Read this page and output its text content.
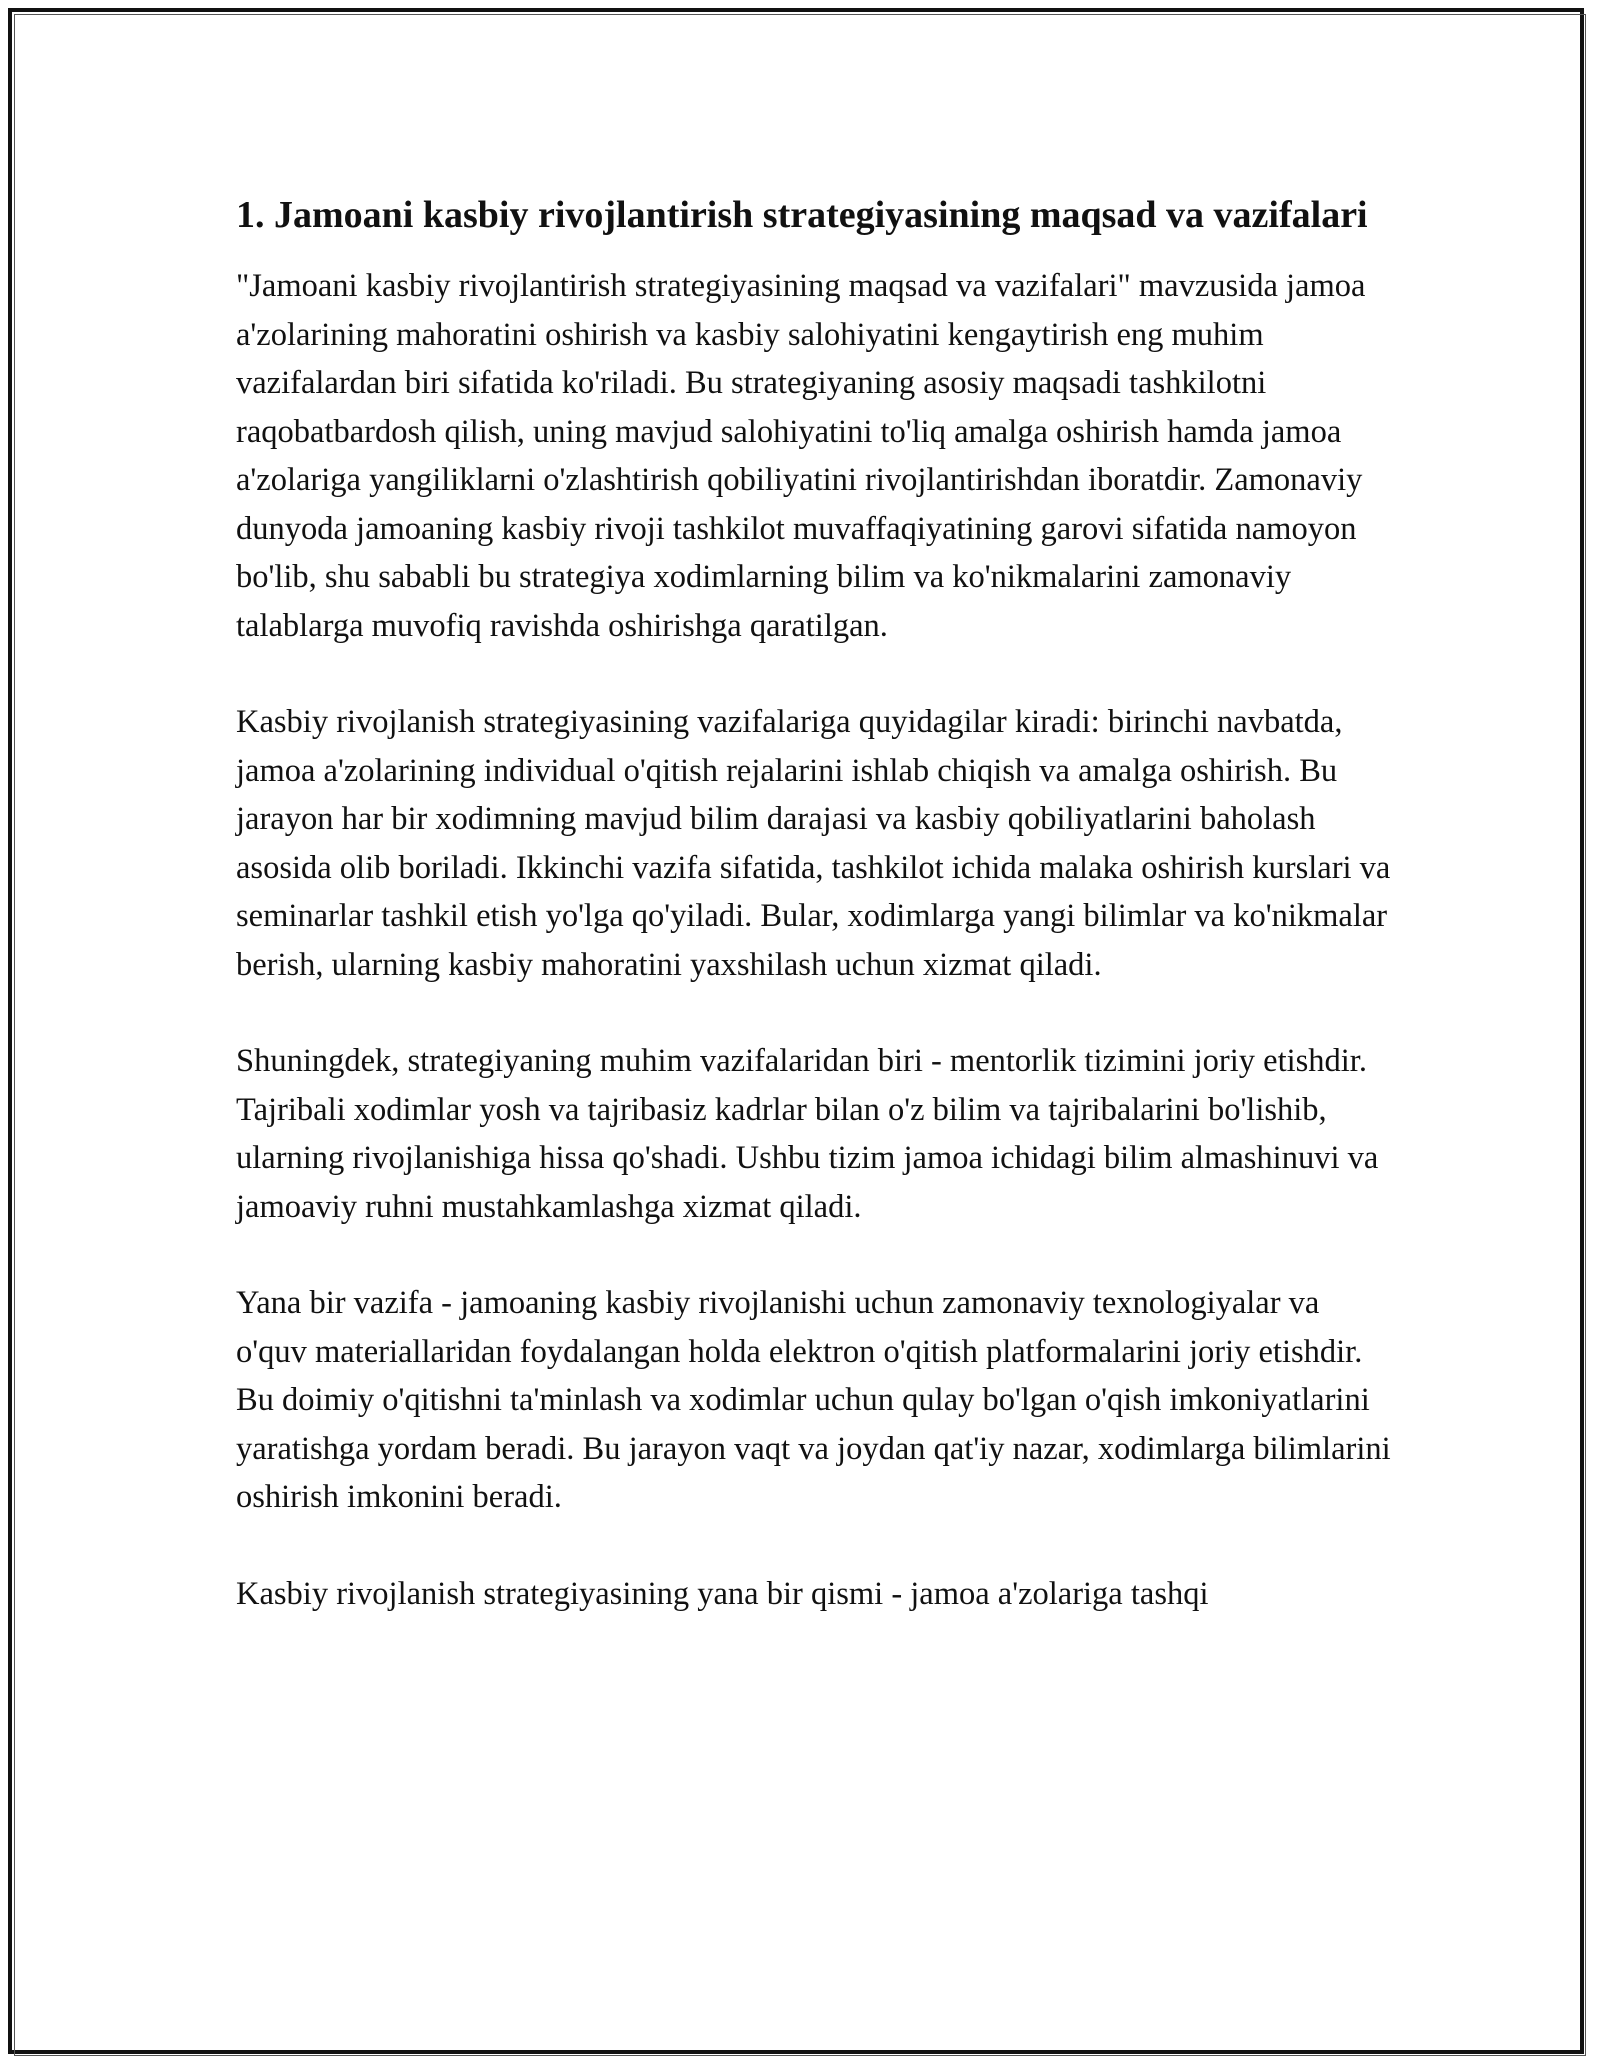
1. Jamoani kasbiy rivojlantirish strategiyasining maqsad va vazifalari

"Jamoani kasbiy rivojlantirish strategiyasining maqsad va vazifalari" mavzusida jamoa a'zolarining mahoratini oshirish va kasbiy salohiyatini kengaytirish eng muhim vazifalardan biri sifatida ko'riladi. Bu strategiyaning asosiy maqsadi tashkilotni raqobatbardosh qilish, uning mavjud salohiyatini to'liq amalga oshirish hamda jamoa a'zolariga yangiliklarni o'zlashtirish qobiliyatini rivojlantirishdan iboratdir. Zamonaviy dunyoda jamoaning kasbiy rivoji tashkilot muvaffaqiyatining garovi sifatida namoyon bo'lib, shu sababli bu strategiya xodimlarning bilim va ko'nikmalarini zamonaviy talablarga muvofiq ravishda oshirishga qaratilgan.

Kasbiy rivojlanish strategiyasining vazifalariga quyidagilar kiradi: birinchi navbatda, jamoa a'zolarining individual o'qitish rejalarini ishlab chiqish va amalga oshirish. Bu jarayon har bir xodimning mavjud bilim darajasi va kasbiy qobiliyatlarini baholash asosida olib boriladi. Ikkinchi vazifa sifatida, tashkilot ichida malaka oshirish kurslari va seminarlar tashkil etish yo'lga qo'yiladi. Bular, xodimlarga yangi bilimlar va ko'nikmalar berish, ularning kasbiy mahoratini yaxshilash uchun xizmat qiladi.

Shuningdek, strategiyaning muhim vazifalaridan biri - mentorlik tizimini joriy etishdir. Tajribali xodimlar yosh va tajribasiz kadrlar bilan o'z bilim va tajribalarini bo'lishib, ularning rivojlanishiga hissa qo'shadi. Ushbu tizim jamoa ichidagi bilim almashinuvi va jamoaviy ruhni mustahkamlashga xizmat qiladi.

Yana bir vazifa - jamoaning kasbiy rivojlanishi uchun zamonaviy texnologiyalar va o'quv materiallaridan foydalangan holda elektron o'qitish platformalarini joriy etishdir. Bu doimiy o'qitishni ta'minlash va xodimlar uchun qulay bo'lgan o'qish imkoniyatlarini yaratishga yordam beradi. Bu jarayon vaqt va joydan qat'iy nazar, xodimlarga bilimlarini oshirish imkonini beradi.

Kasbiy rivojlanish strategiyasining yana bir qismi - jamoa a'zolariga tashqi
